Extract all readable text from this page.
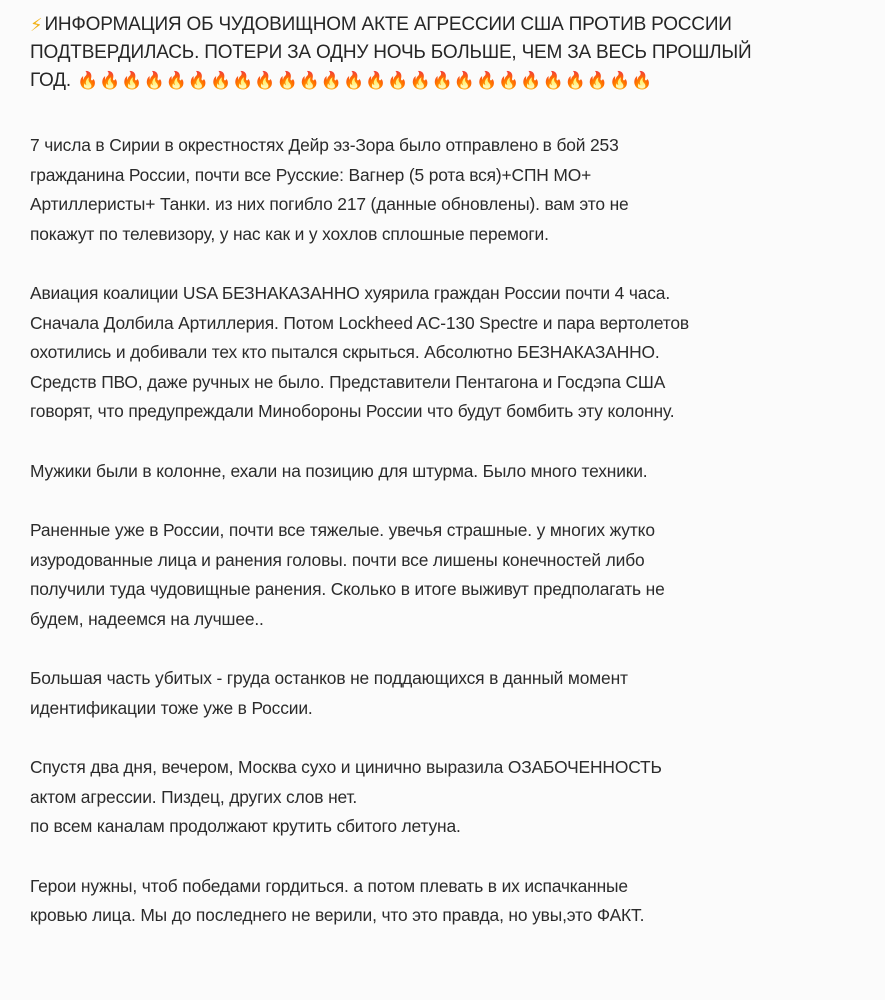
⚡ ИНФОРМАЦИЯ ОБ ЧУДОВИЩНОМ АКТЕ АГРЕССИИ США ПРОТИВ РОССИИ
ПОДТВЕРДИЛАСЬ. ПОТЕРИ ЗА ОДНУ НОЧЬ БОЛЬШЕ, ЧЕМ ЗА ВЕСЬ ПРОШЛЫЙ
ГОД. 🔥🔥🔥🔥🔥🔥🔥🔥🔥🔥🔥🔥🔥🔥🔥🔥🔥🔥🔥🔥🔥🔥🔥🔥🔥🔥

7 числа в Сирии в окрестностях Дейр эз-Зора было отправлено в бой 253
гражданина России, почти все Русские: Вагнер (5 рота вся)+СПН МО+
Артиллеристы+ Танки. из них погибло 217 (данные обновлены). вам это не
покажут по телевизору, у нас как и у хохлов сплошные перемоги.

Авиация коалиции USA БЕЗНАКАЗАННО хуярила граждан России почти 4 часа.
Сначала Долбила Артиллерия. Потом Lockheed AC-130 Spectre и пара вертолетов
охотились и добивали тех кто пытался скрыться. Абсолютно БЕЗНАКАЗАННО.
Средств ПВО, даже ручных не было. Представители Пентагона и Госдэпа США
говорят, что предупреждали Минобороны России что будут бомбить эту колонну.

Мужики были в колонне, ехали на позицию для штурма. Было много техники.

Раненные уже в России, почти все тяжелые. увечья страшные. у многих жутко
изуродованные лица и ранения головы. почти все лишены конечностей либо
получили туда чудовищные ранения. Сколько в итоге выживут предполагать не
будем, надеемся на лучшее..

Большая часть убитых - груда останков не поддающихся в данный момент
идентификации тоже уже в России.

Спустя два дня, вечером, Москва сухо и цинично выразила ОЗАБОЧЕННОСТЬ
актом агрессии. Пиздец, других слов нет.
по всем каналам продолжают крутить сбитого летуна.

Герои нужны, чтоб победами гордиться. а потом плевать в их испачканные
кровью лица. Мы до последнего не верили, что это правда, но увы,это ФАКТ.
